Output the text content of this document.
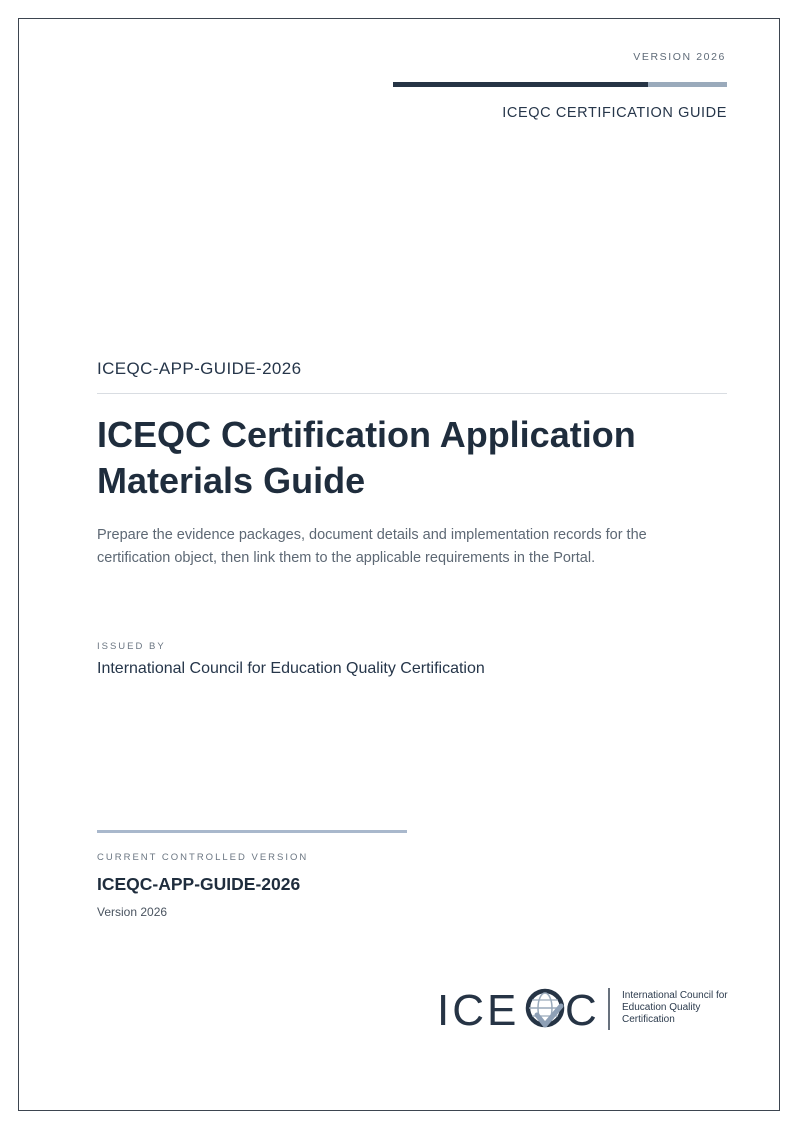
VERSION 2026
ICEQC CERTIFICATION GUIDE
ICEQC-APP-GUIDE-2026
ICEQC Certification Application Materials Guide

Prepare the evidence packages, document details and implementation records for the certification object, then link them to the applicable requirements in the Portal.

ISSUED BY
International Council for Education Quality Certification
CURRENT CONTROLLED VERSION
ICEQC-APP-GUIDE-2026
Version 2026
ICE C	International Council for
Education Quality
Certification
